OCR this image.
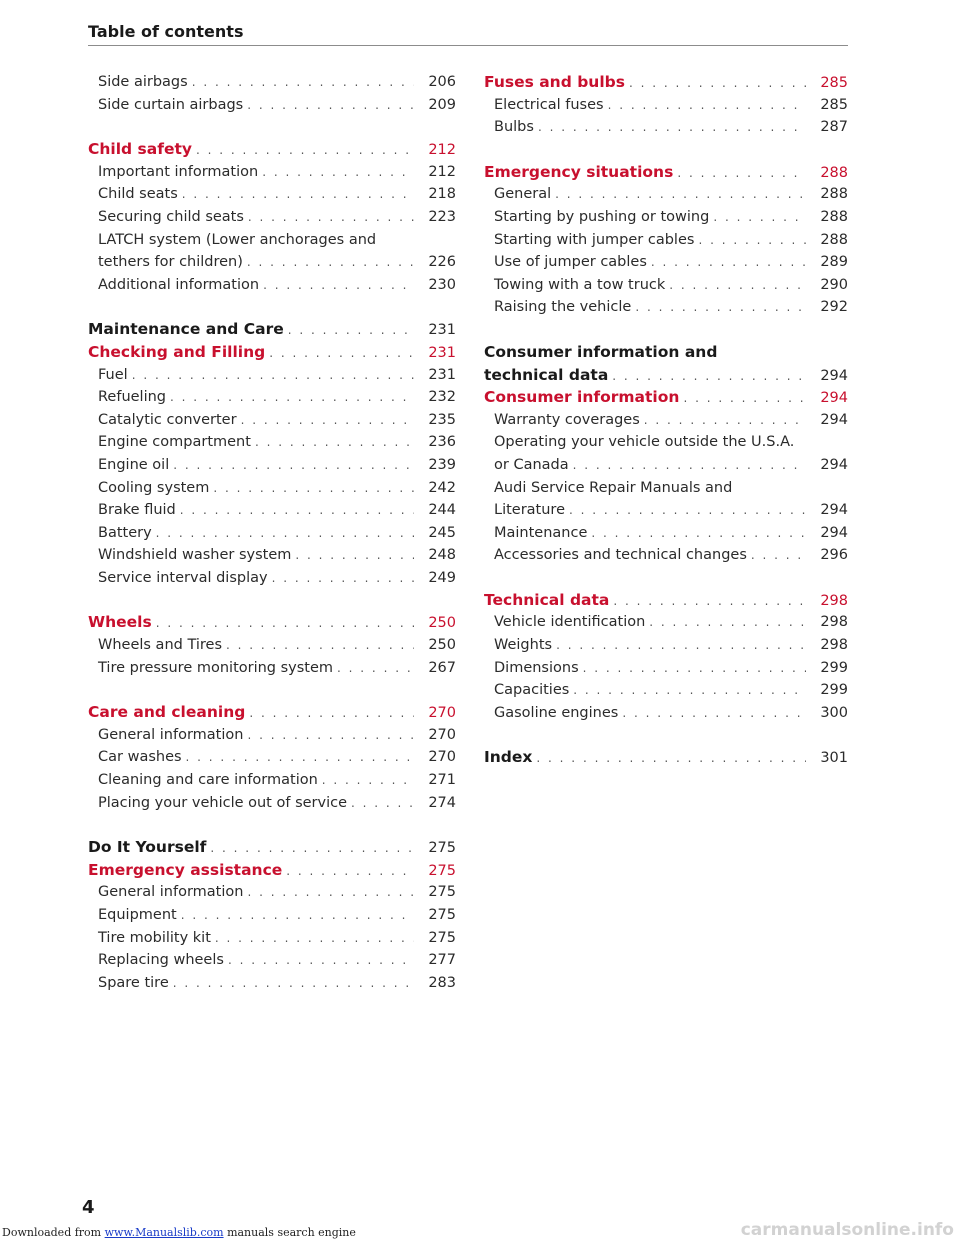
Table of contents
Side airbags . . .	206
Side curtain airbags . . .	209
Child safety . . .	212
Important information . . .	212
Child seats . . .	218
Securing child seats . . .	223
LATCH system (Lower anchorages and
tethers for children) . . .	226
Additional information . . .	230
Maintenance and Care . . .	231
Checking and Filling . . .	231
Fuel . . .	231
Refueling . . .	232
Catalytic converter . . .	235
Engine compartment . . .	236
Engine oil . . .	239
Cooling system . . .	242
Brake fluid . . .	244
Battery . . .	245
Windshield washer system . . .	248
Service interval display . . .	249
Wheels . . .	250
Wheels and Tires . . .	250
Tire pressure monitoring system . . .	267
Care and cleaning . . .	270
General information . . .	270
Car washes . . .	270
Cleaning and care information . . .	271
Placing your vehicle out of service . . .	274
Do It Yourself . . .	275
Emergency assistance . . .	275
General information . . .	275
Equipment . . .	275
Tire mobility kit . . .	275
Replacing wheels . . .	277
Spare tire . . .	283
Fuses and bulbs . . .	285
Electrical fuses . . .	285
Bulbs . . .	287
Emergency situations . . .	288
General . . .	288
Starting by pushing or towing . . .	288
Starting with jumper cables . . .	288
Use of jumper cables . . .	289
Towing with a tow truck . . .	290
Raising the vehicle . . .	292
Consumer information and
technical data . . .	294
Consumer information . . .	294
Warranty coverages . . .	294
Operating your vehicle outside the U.S.A.
or Canada . . .	294
Audi Service Repair Manuals and
Literature . . .	294
Maintenance . . .	294
Accessories and technical changes . . .	296
Technical data . . .	298
Vehicle identification . . .	298
Weights . . .	298
Dimensions . . .	299
Capacities . . .	299
Gasoline engines . . .	300
Index . . .	301
4
Downloaded from www.Manualslib.com manuals search engine	carmanualsonline.info
